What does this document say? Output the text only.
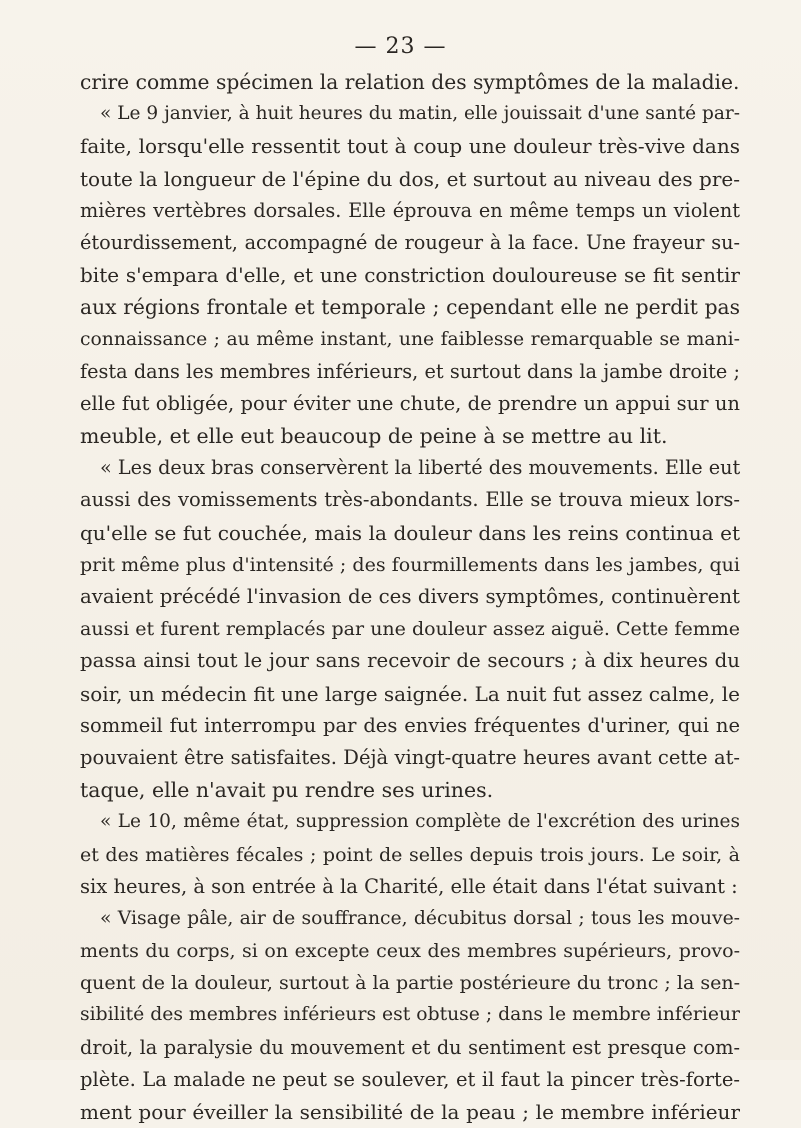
— 23 —
crire comme spécimen la relation des symptômes de la maladie.
« Le 9 janvier, à huit heures du matin, elle jouissait d'une santé par-
faite, lorsqu'elle ressentit tout à coup une douleur très-vive dans
toute la longueur de l'épine du dos, et surtout au niveau des pre-
mières vertèbres dorsales. Elle éprouva en même temps un violent
étourdissement, accompagné de rougeur à la face. Une frayeur su-
bite s'empara d'elle, et une constriction douloureuse se fit sentir
aux régions frontale et temporale ; cependant elle ne perdit pas
connaissance ; au même instant, une faiblesse remarquable se mani-
festa dans les membres inférieurs, et surtout dans la jambe droite ;
elle fut obligée, pour éviter une chute, de prendre un appui sur un
meuble, et elle eut beaucoup de peine à se mettre au lit.
« Les deux bras conservèrent la liberté des mouvements. Elle eut
aussi des vomissements très-abondants. Elle se trouva mieux lors-
qu'elle se fut couchée, mais la douleur dans les reins continua et
prit même plus d'intensité ; des fourmillements dans les jambes, qui
avaient précédé l'invasion de ces divers symptômes, continuèrent
aussi et furent remplacés par une douleur assez aiguë. Cette femme
passa ainsi tout le jour sans recevoir de secours ; à dix heures du
soir, un médecin fit une large saignée. La nuit fut assez calme, le
sommeil fut interrompu par des envies fréquentes d'uriner, qui ne
pouvaient être satisfaites. Déjà vingt-quatre heures avant cette at-
taque, elle n'avait pu rendre ses urines.
« Le 10, même état, suppression complète de l'excrétion des urines
et des matières fécales ; point de selles depuis trois jours. Le soir, à
six heures, à son entrée à la Charité, elle était dans l'état suivant :
« Visage pâle, air de souffrance, décubitus dorsal ; tous les mouve-
ments du corps, si on excepte ceux des membres supérieurs, provo-
quent de la douleur, surtout à la partie postérieure du tronc ; la sen-
sibilité des membres inférieurs est obtuse ; dans le membre inférieur
droit, la paralysie du mouvement et du sentiment est presque com-
plète. La malade ne peut se soulever, et il faut la pincer très-forte-
ment pour éveiller la sensibilité de la peau ; le membre inférieur
